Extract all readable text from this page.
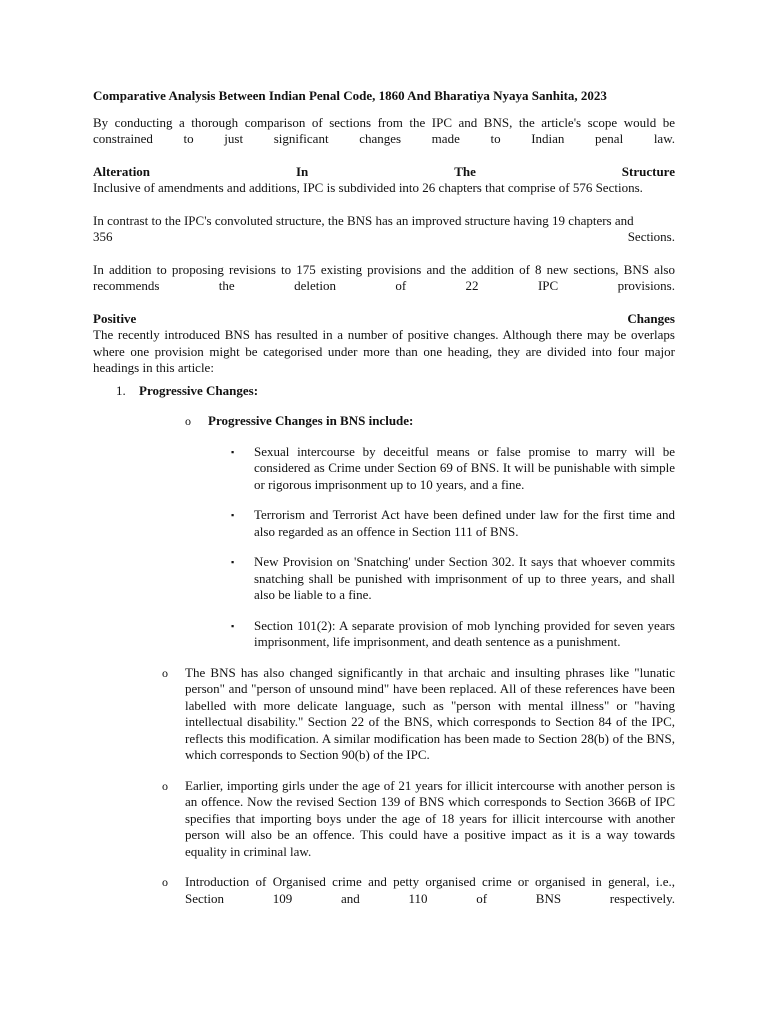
Comparative Analysis Between Indian Penal Code, 1860 And Bharatiya Nyaya Sanhita, 2023

By conducting a thorough comparison of sections from the IPC and BNS, the article's scope would be constrained to just significant changes made to Indian penal law.

Alteration	In	The	Structure

Inclusive of amendments and additions, IPC is subdivided into 26 chapters that comprise of 576 Sections.

In contrast to the IPC's convoluted structure, the BNS has an improved structure having 19 chapters and

356	Sections.

In addition to proposing revisions to 175 existing provisions and the addition of 8 new sections, BNS also recommends the deletion of 22 IPC provisions.

Positive	Changes

The recently introduced BNS has resulted in a number of positive changes. Although there may be overlaps where one provision might be categorised under more than one heading, they are divided into four major headings in this article:

1.	Progressive Changes:
o	Progressive Changes in BNS include:
▪	Sexual intercourse by deceitful means or false promise to marry will be considered as Crime under Section 69 of BNS. It will be punishable with simple or rigorous imprisonment up to 10 years, and a fine.
▪	Terrorism and Terrorist Act have been defined under law for the first time and also regarded as an offence in Section 111 of BNS.
▪	New Provision on 'Snatching' under Section 302. It says that whoever commits snatching shall be punished with imprisonment of up to three years, and shall also be liable to a fine.
▪	Section 101(2): A separate provision of mob lynching provided for seven years imprisonment, life imprisonment, and death sentence as a punishment.
o	The BNS has also changed significantly in that archaic and insulting phrases like "lunatic person" and "person of unsound mind" have been replaced. All of these references have been labelled with more delicate language, such as "person with mental illness" or "having intellectual disability." Section 22 of the BNS, which corresponds to Section 84 of the IPC, reflects this modification. A similar modification has been made to Section 28(b) of the BNS, which corresponds to Section 90(b) of the IPC.
o	Earlier, importing girls under the age of 21 years for illicit intercourse with another person is an offence. Now the revised Section 139 of BNS which corresponds to Section 366B of IPC specifies that importing boys under the age of 18 years for illicit intercourse with another person will also be an offence. This could have a positive impact as it is a way towards equality in criminal law.
o	Introduction of Organised crime and petty organised crime or organised in general, i.e., Section 109 and 110 of BNS respectively.
